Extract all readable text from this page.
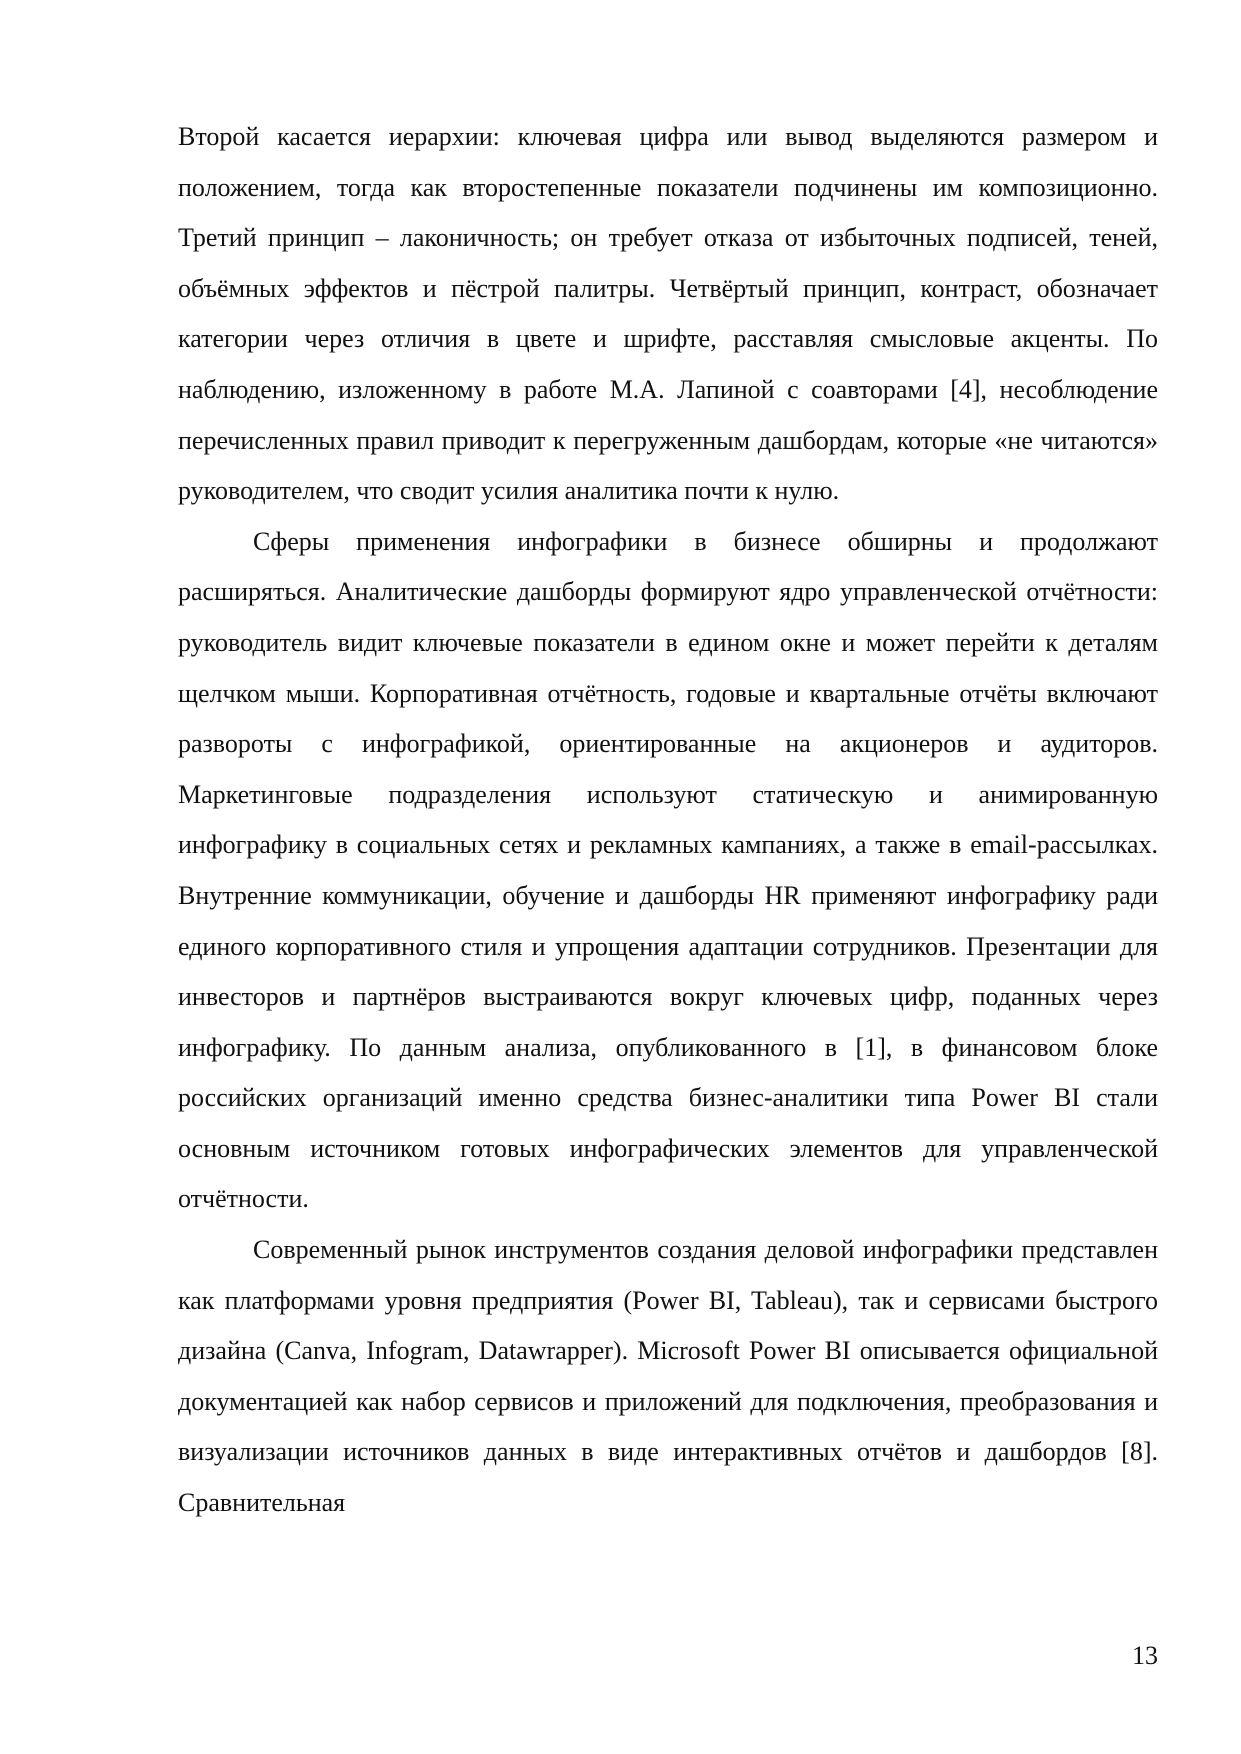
Второй касается иерархии: ключевая цифра или вывод выделяются размером и положением, тогда как второстепенные показатели подчинены им композиционно. Третий принцип – лаконичность; он требует отказа от избыточных подписей, теней, объёмных эффектов и пёстрой палитры. Четвёртый принцип, контраст, обозначает категории через отличия в цвете и шрифте, расставляя смысловые акценты. По наблюдению, изложенному в работе М.А. Лапиной с соавторами [4], несоблюдение перечисленных правил приводит к перегруженным дашбордам, которые «не читаются» руководителем, что сводит усилия аналитика почти к нулю.

Сферы применения инфографики в бизнесе обширны и продолжают расширяться. Аналитические дашборды формируют ядро управленческой отчётности: руководитель видит ключевые показатели в едином окне и может перейти к деталям щелчком мыши. Корпоративная отчётность, годовые и квартальные отчёты включают развороты с инфографикой, ориентированные на акционеров и аудиторов. Маркетинговые подразделения используют статическую и анимированную инфографику в социальных сетях и рекламных кампаниях, а также в email-рассылках. Внутренние коммуникации, обучение и дашборды HR применяют инфографику ради единого корпоративного стиля и упрощения адаптации сотрудников. Презентации для инвесторов и партнёров выстраиваются вокруг ключевых цифр, поданных через инфографику. По данным анализа, опубликованного в [1], в финансовом блоке российских организаций именно средства бизнес-аналитики типа Power BI стали основным источником готовых инфографических элементов для управленческой отчётности.

Современный рынок инструментов создания деловой инфографики представлен как платформами уровня предприятия (Power BI, Tableau), так и сервисами быстрого дизайна (Canva, Infogram, Datawrapper). Microsoft Power BI описывается официальной документацией как набор сервисов и приложений для подключения, преобразования и визуализации источников данных в виде интерактивных отчётов и дашбордов [8]. Сравнительная

13
